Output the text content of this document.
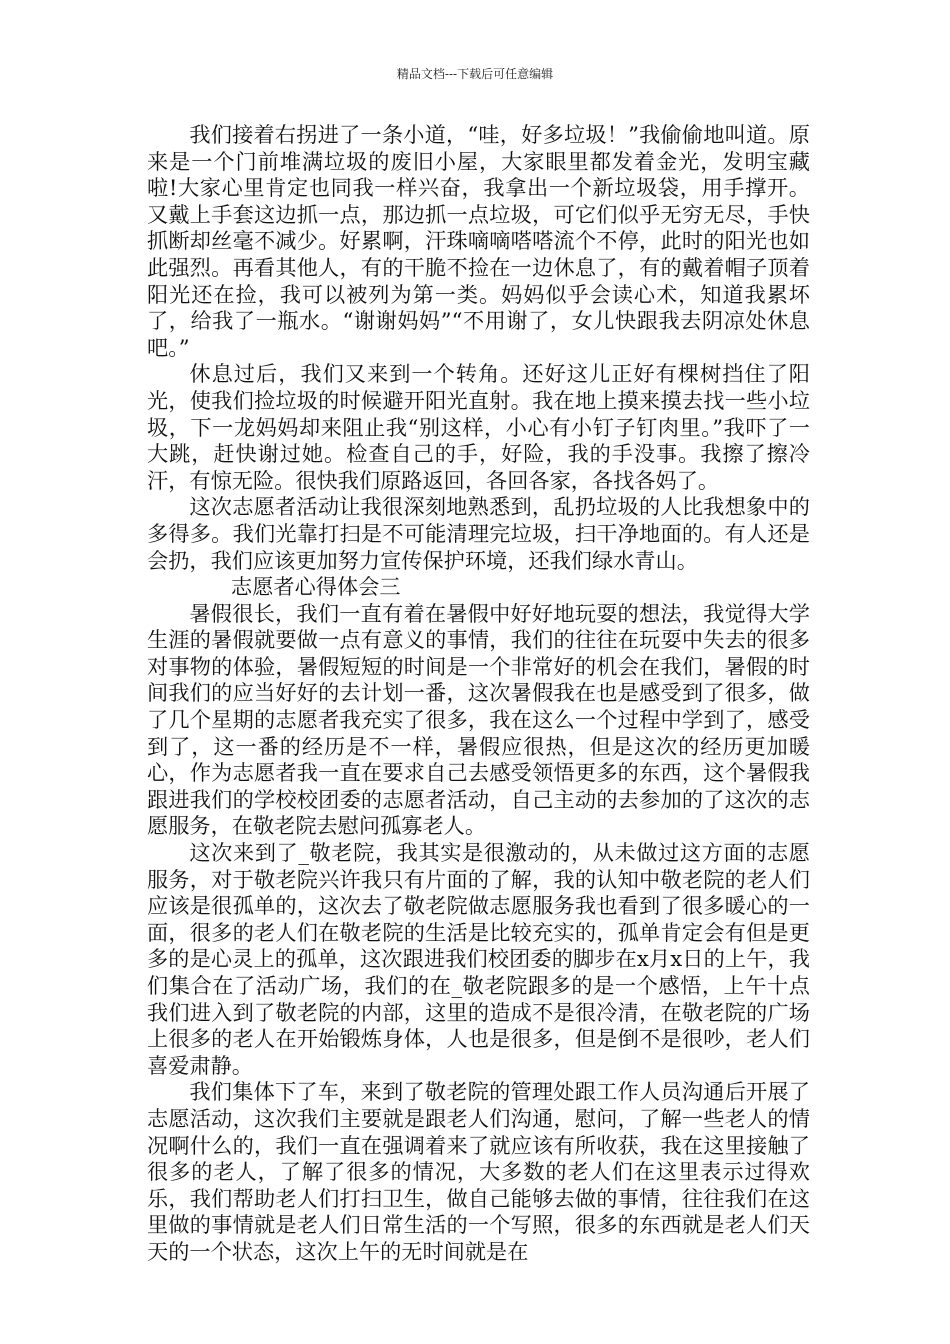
精品文档---下载后可任意编辑

我们接着右拐进了一条小道，“哇，好多垃圾！”我偷偷地叫道。原来是一个门前堆满垃圾的废旧小屋，大家眼里都发着金光，发明宝藏啦!大家心里肯定也同我一样兴奋，我拿出一个新垃圾袋，用手撑开。又戴上手套这边抓一点，那边抓一点垃圾，可它们似乎无穷无尽，手快抓断却丝毫不减少。好累啊，汗珠嘀嘀嗒嗒流个不停，此时的阳光也如此强烈。再看其他人，有的干脆不捡在一边休息了，有的戴着帽子顶着阳光还在捡，我可以被列为第一类。妈妈似乎会读心术，知道我累坏了，给我了一瓶水。“谢谢妈妈”“不用谢了，女儿快跟我去阴凉处休息吧。”

休息过后，我们又来到一个转角。还好这儿正好有棵树挡住了阳光，使我们捡垃圾的时候避开阳光直射。我在地上摸来摸去找一些小垃圾，下一龙妈妈却来阻止我“别这样，小心有小钉子钉肉里。”我吓了一大跳，赶快谢过她。检查自己的手，好险，我的手没事。我擦了擦冷汗，有惊无险。很快我们原路返回，各回各家，各找各妈了。

这次志愿者活动让我很深刻地熟悉到，乱扔垃圾的人比我想象中的多得多。我们光靠打扫是不可能清理完垃圾，扫干净地面的。有人还是会扔，我们应该更加努力宣传保护环境，还我们绿水青山。

志愿者心得体会三

暑假很长，我们一直有着在暑假中好好地玩耍的想法，我觉得大学生涯的暑假就要做一点有意义的事情，我们的往往在玩耍中失去的很多对事物的体验，暑假短短的时间是一个非常好的机会在我们，暑假的时间我们的应当好好的去计划一番，这次暑假我在也是感受到了很多，做了几个星期的志愿者我充实了很多，我在这么一个过程中学到了，感受到了，这一番的经历是不一样，暑假应很热，但是这次的经历更加暖心，作为志愿者我一直在要求自己去感受领悟更多的东西，这个暑假我跟进我们的学校校团委的志愿者活动，自己主动的去参加的了这次的志愿服务，在敬老院去慰问孤寡老人。

这次来到了_敬老院，我其实是很激动的，从未做过这方面的志愿服务，对于敬老院兴许我只有片面的了解，我的认知中敬老院的老人们应该是很孤单的，这次去了敬老院做志愿服务我也看到了很多暖心的一面，很多的老人们在敬老院的生活是比较充实的，孤单肯定会有但是更多的是心灵上的孤单，这次跟进我们校团委的脚步在x月x日的上午，我们集合在了活动广场，我们的在_敬老院跟多的是一个感悟，上午十点我们进入到了敬老院的内部，这里的造成不是很冷清，在敬老院的广场上很多的老人在开始锻炼身体，人也是很多，但是倒不是很吵，老人们喜爱肃静。

我们集体下了车，来到了敬老院的管理处跟工作人员沟通后开展了志愿活动，这次我们主要就是跟老人们沟通，慰问，了解一些老人的情况啊什么的，我们一直在强调着来了就应该有所收获，我在这里接触了很多的老人，了解了很多的情况，大多数的老人们在这里表示过得欢乐，我们帮助老人们打扫卫生，做自己能够去做的事情，往往我们在这里做的事情就是老人们日常生活的一个写照，很多的东西就是老人们天天的一个状态，这次上午的无时间就是在
